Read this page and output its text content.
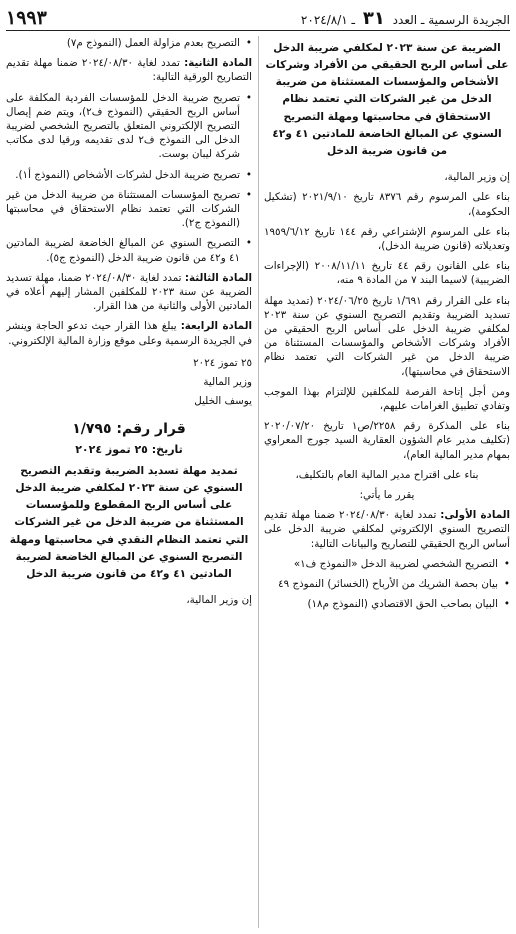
الجريدة الرسمية ـ العدد ٣١ ـ ٢٠٢٤/٨/١
١٩٩٣
الضريبة عن سنة ٢٠٢٣ لمكلفي ضريبة الدخل على أساس الربح الحقيقي من الأفراد وشركات الأشخاص والمؤسسات المستثناة من ضريبة الدخل من غير الشركات التي تعتمد نظام الاستحقاق في محاسبتها ومهلة التصريح السنوي عن المبالغ الخاضعة للمادتين ٤١ و٤٢ من قانون ضريبة الدخل

إن وزير المالية،

بناء على المرسوم رقم ٨٣٧٦ تاريخ ٢٠٢١/٩/١٠ (تشكيل الحكومة)،

بناء على المرسوم الإشتراعي رقم ١٤٤ تاريخ ١٩٥٩/٦/١٢ وتعديلاته (قانون ضريبة الدخل)،

بناء على القانون رقم ٤٤ تاريخ ٢٠٠٨/١١/١١ (الإجراءات الضريبية) لاسيما البند ٧ من المادة ٩ منه،

بناء على القرار رقم ١/٦٩١ تاريخ ٢٠٢٤/٠٦/٢٥ (تمديد مهلة تسديد الضريبة وتقديم التصريح السنوي عن سنة ٢٠٢٣ لمكلفي ضريبة الدخل على أساس الربح الحقيقي من الأفراد وشركات الأشخاص والمؤسسات المستثناة من ضريبة الدخل من غير الشركات التي تعتمد نظام الاستحقاق في محاسبتها)،

ومن أجل إتاحة الفرصة للمكلفين للإلتزام بهذا الموجب وتفادي تطبيق الغرامات عليهم،

بناء على المذكرة رقم ٢٢٥٨/ص١ تاريخ ٢٠٢٠/٠٧/٢٠ (تكليف مدير عام الشؤون العقارية السيد جورج المعراوي بمهام مدير المالية العام)،

بناء على اقتراح مدير المالية العام بالتكليف،

يقرر ما يأتي:

المادة الأولى: تمدد لغاية ٢٠٢٤/٠٨/٣٠ ضمنا مهلة تقديم التصريح السنوي الإلكتروني لمكلفي ضريبة الدخل على أساس الربح الحقيقي للتصاريح والبيانات التالية:

•
التصريح الشخصي لضريبة الدخل «النموذج ف١»
•
بيان بحصة الشريك من الأرباح (الخسائر) النموذج ٤٩
•
البيان بصاحب الحق الاقتصادي (النموذج م١٨)
•
التصريح بعدم مزاولة العمل (النموذج م٧)

المادة الثانية: تمدد لغاية ٢٠٢٤/٠٨/٣٠ ضمنا مهلة تقديم التصاريح الورقية التالية:

•
تصريح ضريبة الدخل للمؤسسات الفردية المكلفة على أساس الربح الحقيقي (النموذج ف٢)، ويتم ضم إيصال التصريح الإلكتروني المتعلق بالتصريح الشخصي لضريبة الدخل الى النموذج ف٢ لدى تقديمه ورقيا لدى مكاتب شركة ليبان بوست.
•
تصريح ضريبة الدخل لشركات الأشخاص (النموذج أ١).
•
تصريح المؤسسات المستثناة من ضريبة الدخل من غير الشركات التي تعتمد نظام الاستحقاق في محاسبتها (النموذج ج٢).
•
التصريح السنوي عن المبالغ الخاضعة لضريبة المادتين ٤١ و٤٢ من قانون ضريبة الدخل (النموذج ج٥).

المادة الثالثة: تمدد لغاية ٢٠٢٤/٠٨/٣٠ ضمنا، مهلة تسديد الضريبة عن سنة ٢٠٢٣ للمكلفين المشار إليهم أعلاه في المادتين الأولى والثانية من هذا القرار.

المادة الرابعة: يبلغ هذا القرار حيث تدعو الحاجة وينشر في الجريدة الرسمية وعلى موقع وزارة المالية الإلكتروني.

٢٥ تموز ٢٠٢٤

وزير المالية

يوسف الخليل

قرار رقم: ١/٧٩٥
تاريخ: ٢٥ تموز ٢٠٢٤
تمديد مهلة تسديد الضريبة وتقديم التصريح السنوي عن سنة ٢٠٢٣ لمكلفي ضريبة الدخل على أساس الربح المقطوع وللمؤسسات المستثناة من ضريبة الدخل من غير الشركات التي تعتمد النظام النقدي في محاسبتها ومهلة التصريح السنوي عن المبالغ الخاضعة لضريبة المادتين ٤١ و٤٢ من قانون ضريبة الدخل

إن وزير المالية،
